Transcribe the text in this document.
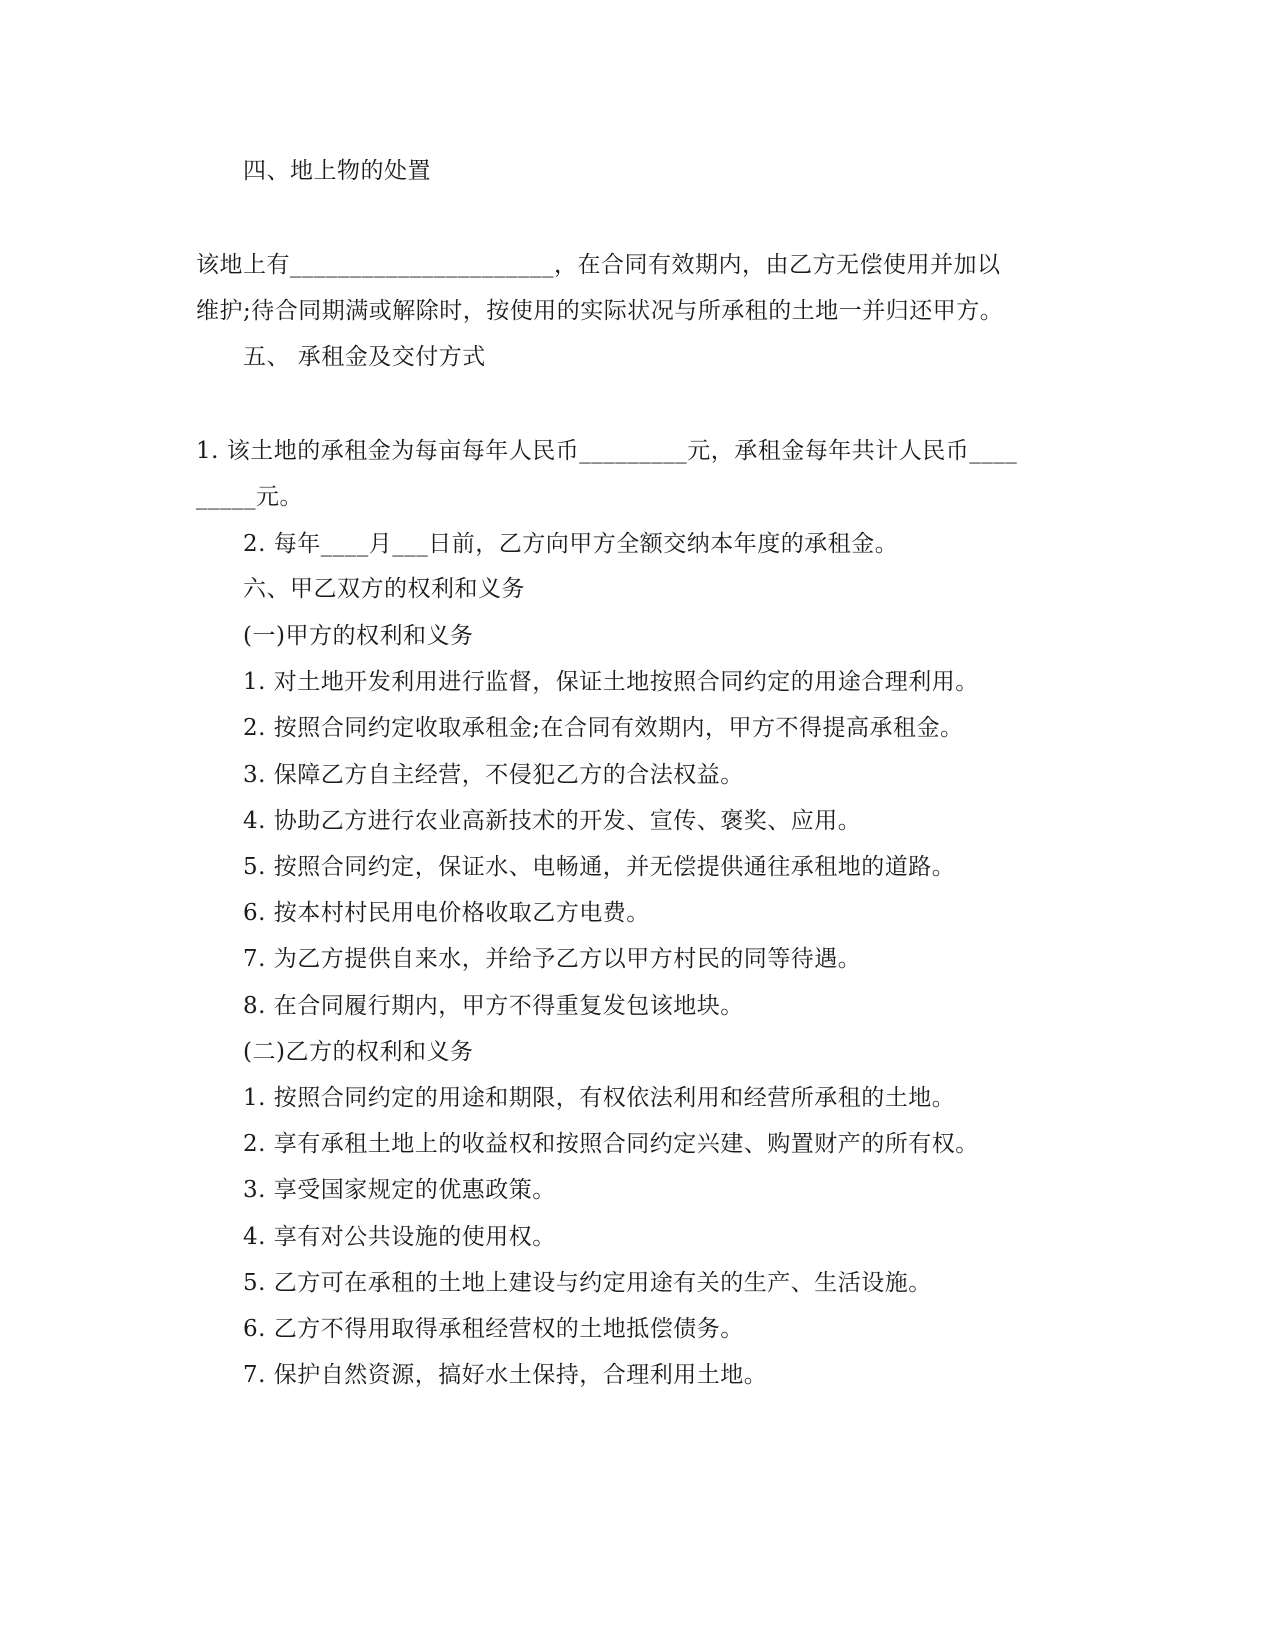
四、地上物的处置
该地上有______________________，在合同有效期内，由乙方无偿使用并加以
维护;待合同期满或解除时，按使用的实际状况与所承租的土地一并归还甲方。
五、 承租金及交付方式
1. 该土地的承租金为每亩每年人民币_________元，承租金每年共计人民币____
_____元。
2. 每年____月___日前，乙方向甲方全额交纳本年度的承租金。
六、甲乙双方的权利和义务
(一)甲方的权利和义务
1. 对土地开发利用进行监督，保证土地按照合同约定的用途合理利用。
2. 按照合同约定收取承租金;在合同有效期内，甲方不得提高承租金。
3. 保障乙方自主经营，不侵犯乙方的合法权益。
4. 协助乙方进行农业高新技术的开发、宣传、褒奖、应用。
5. 按照合同约定，保证水、电畅通，并无偿提供通往承租地的道路。
6. 按本村村民用电价格收取乙方电费。
7. 为乙方提供自来水，并给予乙方以甲方村民的同等待遇。
8. 在合同履行期内，甲方不得重复发包该地块。
(二)乙方的权利和义务
1. 按照合同约定的用途和期限，有权依法利用和经营所承租的土地。
2. 享有承租土地上的收益权和按照合同约定兴建、购置财产的所有权。
3. 享受国家规定的优惠政策。
4. 享有对公共设施的使用权。
5. 乙方可在承租的土地上建设与约定用途有关的生产、生活设施。
6. 乙方不得用取得承租经营权的土地抵偿债务。
7. 保护自然资源，搞好水土保持，合理利用土地。
